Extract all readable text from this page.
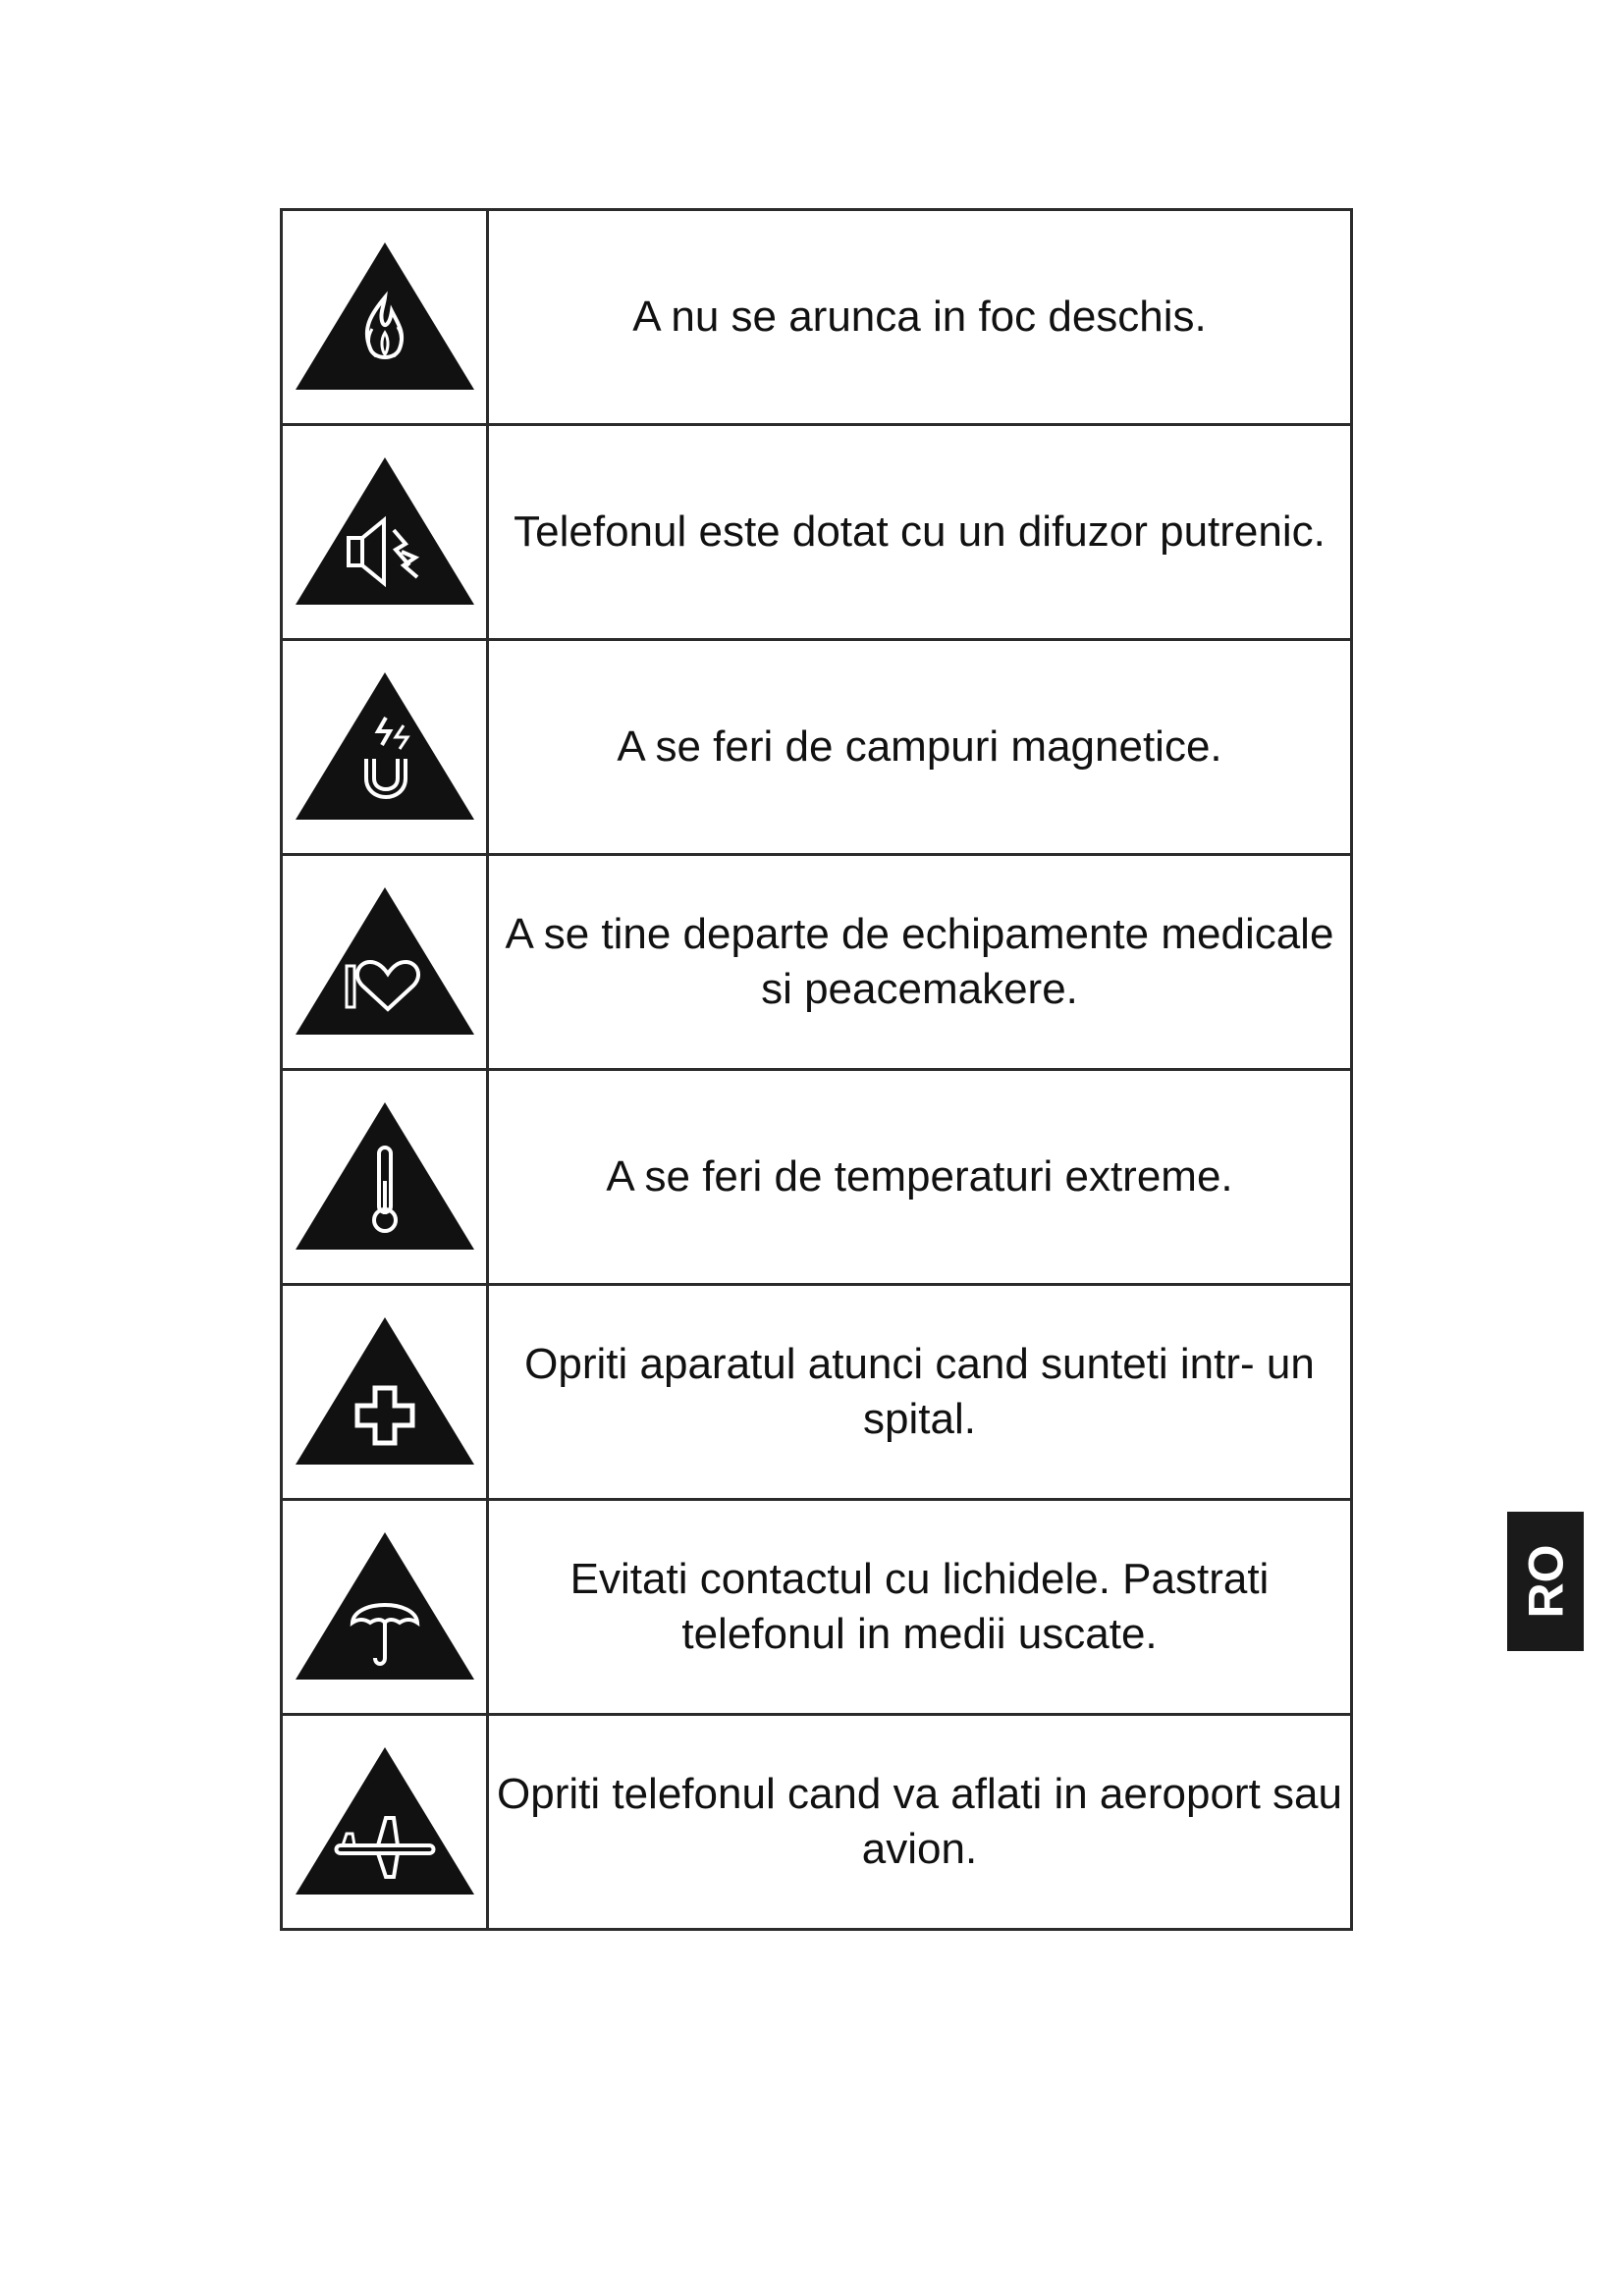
A nu se arunca in foc deschis.

Telefonul este dotat cu un difuzor putrenic.

A se feri de campuri magnetice.

A se tine departe de echipamente medicale si peacemakere.

A se feri de temperaturi extreme.

Opriti aparatul atunci cand sunteti intr- un spital.

Evitati contactul cu lichidele. Pastrati telefonul in medii uscate.

Opriti telefonul cand va aflati in aeroport sau avion.
RO
